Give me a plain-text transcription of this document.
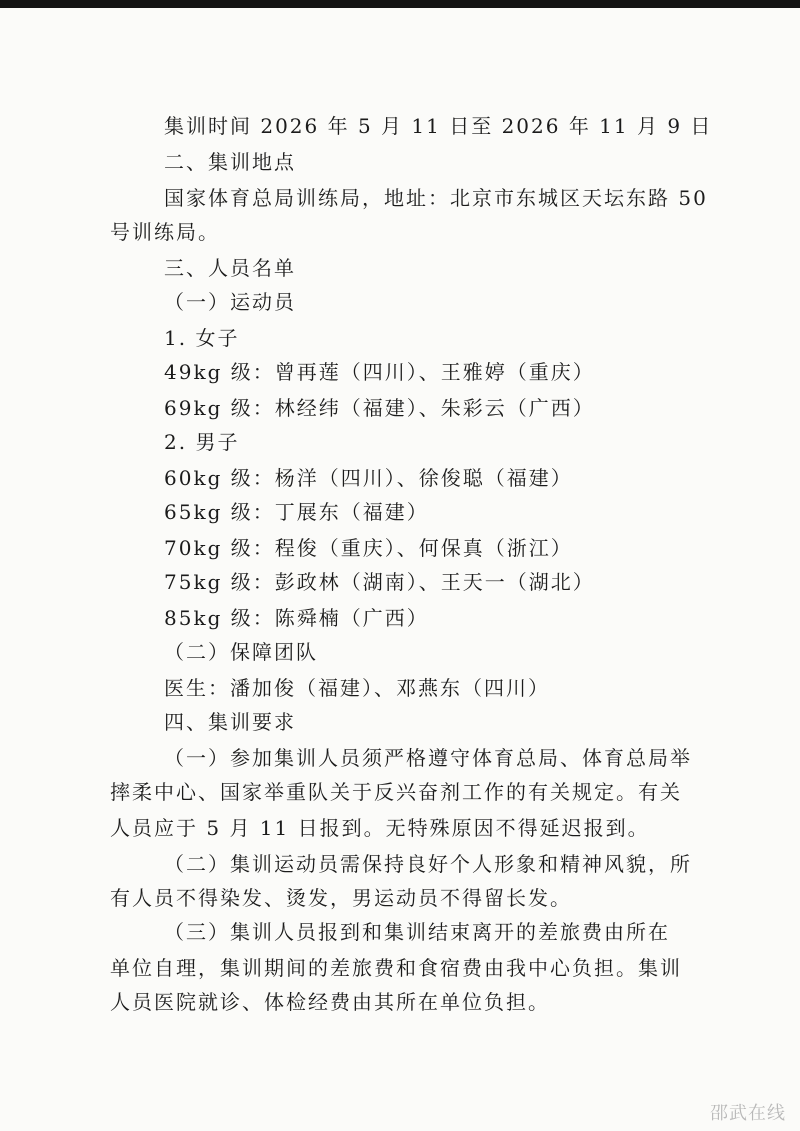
集训时间 2026 年 5 月 11 日至 2026 年 11 月 9 日
二、集训地点
国家体育总局训练局，地址：北京市东城区天坛东路 50
号训练局。
三、人员名单
（一）运动员
1. 女子
49kg 级：曾再莲（四川）、王雅婷（重庆）
69kg 级：林经纬（福建）、朱彩云（广西）
2. 男子
60kg 级：杨洋（四川）、徐俊聪（福建）
65kg 级：丁展东（福建）
70kg 级：程俊（重庆）、何保真（浙江）
75kg 级：彭政林（湖南）、王天一（湖北）
85kg 级：陈舜楠（广西）
（二）保障团队
医生：潘加俊（福建）、邓燕东（四川）
四、集训要求
（一）参加集训人员须严格遵守体育总局、体育总局举
摔柔中心、国家举重队关于反兴奋剂工作的有关规定。有关
人员应于 5 月 11 日报到。无特殊原因不得延迟报到。
（二）集训运动员需保持良好个人形象和精神风貌，所
有人员不得染发、烫发，男运动员不得留长发。
（三）集训人员报到和集训结束离开的差旅费由所在
单位自理，集训期间的差旅费和食宿费由我中心负担。集训
人员医院就诊、体检经费由其所在单位负担。
邵武在线
